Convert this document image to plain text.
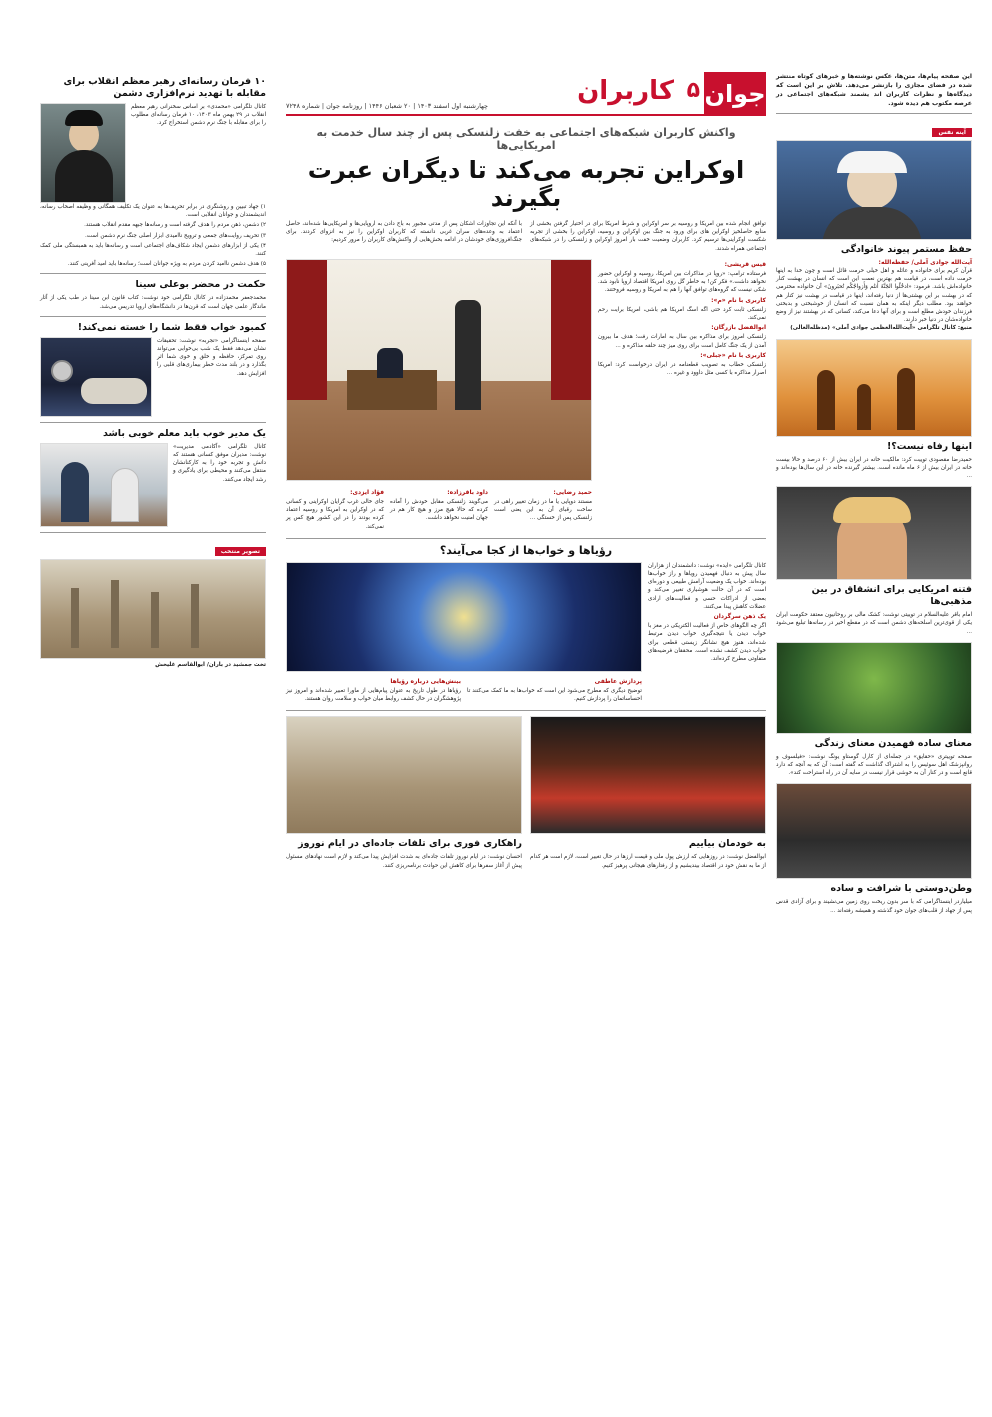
جوان
۵
کاربران
چهارشنبه اول اسفند ۱۴۰۳ | ۲۰ شعبان ۱۴۴۶ | روزنامه جوان | شماره ۷۲۴۸
واکنش کاربران شبکه‌های اجتماعی به خفت زلنسکی پس از چند سال خدمت به امریکایی‌ها
اوکراین تجربه می‌کند تا دیگران عبرت بگیرند

توافق انجام شده بین امریکا و روسیه بر سر اوکراین و شرط امریکا برای در اختیار گرفتن بخشی از منابع حاصلخیز اوکراین های برای ورود به جنگ بین اوکراین و روسیه، اوکراین را بخشی از تجربه شکست اوکراینی‌ها ترسیم کرد. کاربران وضعیت خفت بار امروز اوکراین و زلنسکی را در شبکه‌های اجتماعی همراه شدند.

با آنکه این تجاوزات اشکان پس از مدتی مجبور به باج دادن به اروپایی‌ها و امریکایی‌ها شده‌اند، حاصل اعتماد به وعده‌های سران غربی دانسته که کاربران اوکراین را نیز به انزوای کردند. برای جنگ‌افروزی‌های خودشان در ادامه بخش‌هایی از واکنش‌های کاربران را مرور کردیم:

قیس قریشی:

فرستاده ترامپ: «روپا در مذاکرات بین امریکا، روسیه و اوکراین حضور نخواهد داشت.» فکر کن! به خاطر گل روی امریکا اقتصاد اروپا نابود شد. شکی نیست که گروه‌های توافق آنها را هم به امریکا و روسیه فروختند.

کاربری با نام «م»:

زلنسکی ثابت کرد حتی اگه اسگ امریکا هم باشی، امریکا برایت رحم نمی‌کند.

ابوالفضل بازرگان:

زلنسکی امروز برای مذاکره بین سال به امارات رفت؛ هدف ما بیرون آمدن از یک جنگ کامل است برای روی میز چند حلقه مذاکره و ...

کاربری با نام «جبلی»:

زلنسکی خطاب به تصویب قطعنامه در ایران درخواست کرد: امریکا اصرار مذاکره با کسی مثل داوود و غیره ...

حمید رضایی:

مستند دوپایی یا ما در زمان تغییر راهی در ساخت رقبای آن به این یعنی است زلنسکی پس از خستگی ...

داود باقرزاده:

می‌گویند زلنسکی مقابل خودش را آماده کرده که حالا هیچ مرز و هیچ کار هم در جهان امنیت نخواهد داشت.

فؤاد ایزدی:

جای خالی غرب گرایان اوکراینی و کسانی که در اوکراین به امریکا و روسیه اعتماد کرده بودند را در این کشور هیچ کس پر نمی‌کند.

رؤیاها و خواب‌ها از کجا می‌آیند؟

کانال تلگرامی «ایده» نوشت: دانشمندان از هزاران سال پیش به دنبال فهمیدن رویاها و راز خواب‌ها بوده‌اند. خواب یک وضعیت آرامش طبیعی و دوره‌ای است که در آن حالت هوشیاری تغییر می‌کند و بعضی از ادراکات حسی و فعالیت‌های ارادی عضلات کاهش پیدا می‌کنند.

یک ذهن سرگردان

اگر چه الگوهای خاص از فعالیت الکتریکی در مغز با خواب دیدن یا نتیجه‌گیری خواب دیدن مرتبط شده‌اند، هنوز هیچ نشانگر زیستی قطعی برای خواب دیدن کشف نشده است. محققان فرضیه‌های متفاوتی مطرح کرده‌اند.

پردازش عاطفی

توضیح دیگری که مطرح می‌شود این است که خواب‌ها به ما کمک می‌کنند تا احساساتمان را پردازش کنیم.

بینش‌هایی درباره رؤیاها

رؤیاها در طول تاریخ به عنوان پیام‌هایی از ماورا تعبیر شده‌اند و امروز نیز پژوهشگران در حال کشف روابط میان خواب و سلامت روان هستند.

به خودمان بیاییم

ابوالفضل نوشت: در روز‌هایی که ارزش پول ملی و قیمت ارزها در حال تغییر است، لازم است هر کدام از ما به نقش خود در اقتصاد بیندیشیم و از رفتارهای هیجانی پرهیز کنیم.

راهکاری فوری برای تلفات جاده‌ای در ایام نوروز

احسان نوشت: در ایام نوروز تلفات جاده‌ای به شدت افزایش پیدا می‌کند و لازم است نهادهای مسئول پیش از آغاز سفرها برای کاهش این حوادث برنامه‌ریزی کنند.

این صفحه پیام‌ها، متن‌ها، عکس‌ نوشته‌ها و خبرهای کوتاه منتشر شده در فضای مجازی را بازنشر می‌دهد. تلاش بر این است که دیدگاه‌ها و نظرات کاربران اند یشمند شبکه‌های اجتماعی در عرصه مکتوب هم دیده شود.

آینه نفس
حفظ مستمر پیوند خانوادگی
آیت‌الله جوادی آملی/ حفظه‌الله:

قرآن کریم برای خانواده و عائله و اهل خیلی حرمت قائل است و چون خدا به اینها حرمت داده است، در قیامت هم بهترین نعمت این است که انسان در بهشت کنار خانواده‌اش باشد. فرمود: «ادخُلُوا الجَنَّةَ أَنتُم وَأَزواجُكُم تُحبَرونَ» آن خانواده محترمی که در بهشت بر این بهشتی‌ها از دنیا رفته‌اند، اینها در قیامت در بهشت نیز کنار هم خواهند بود. مطلب دیگر اینکه به همان نسبت که انسان از خوشبختی و بدبختی فرزندان خودش مطلع است و برای آنها دعا می‌کند، کسانی که در بهشتند نیز از وضع خانواده‌شان در دنیا خبر دارند.

منبع: کانال تلگرامی «آیت‌الله‌العظمی جوادی آملی» (مدظله‌العالی)

اینها رفاه نیست؟!

حمیدرضا مقصودی توییت کرد: مالکیت خانه در ایران بیش از ۶۰ درصد و حالا بیست خانه در ایران بیش از ۶ ماه مانده است. بیشتر گیرنده خانه در این سال‌ها بوده‌اند و ...

فتنه امریکایی برای انشقاق در بین مذهبی‌ها

امام باقر علیه‌السلام در توییتی نوشت: کشک مالی بر روحانیون معتقد حکومت ایران یکی از قوی‌ترین اسلحه‌های دشمن است که در مقطع اخیر در رسانه‌ها تبلیغ می‌شود ...

معنای ساده فهمیدن معنای زندگی

صفحه توییتری «حقایق» در جمله‌ای از کارل گوستاو یونگ نوشت: «فیلسوف و روانپزشک اهل سوئیس را به اشتراک گذاشت که گفته است: آن که به آنچه که دارد قانع است و در کنار آن به خوشی قرار نیست در سایه آن در راه استراحت کند».

وطن‌دوستی با شرافت و ساده

میلیاردر اینستاگرامی که با سر بدون ریخت روی زمین می‌نشیند و برای آزادی قدس پس از جهاد از قلب‌های جوان خود گذشته و همیشه رفته‌اند ...

۱۰ فرمان رسانه‌ای رهبر معظم انقلاب برای مقابله با تهدید نرم‌افزاری دشمن

کانال تلگرامی «محمدی» بر اساس سخنرانی رهبر معظم انقلاب در ۲۹ بهمن ماه ۱۴۰۳، ۱۰ فرمان رسانه‌ای مطلوب را برای مقابله با جنگ نرم دشمن استخراج کرد.

۱) جهاد تبیین و روشنگری در برابر تحریف‌ها به عنوان یک تکلیف همگانی و وظیفه اصحاب رسانه، اندیشمندان و جوانان انقلابی است.

۲) دشمن، ذهن مردم را هدف گرفته است و رسانه‌ها جبهه مقدم انقلاب هستند.

۳) تحریف روایت‌های جمعی و ترویج ناامیدی ابزار اصلی جنگ نرم دشمن است.

۴) یکی از ابزارهای دشمن ایجاد شکاف‌های اجتماعی است و رسانه‌ها باید به همبستگی ملی کمک کنند.

۵) هدف دشمن ناامید کردن مردم به ویژه جوانان است؛ رسانه‌ها باید امید آفرینی کنند.

حکمت در محضر بوعلی سینا

محمدجعفر محمدزاده در کانال تلگرامی خود نوشت: کتاب قانون ابن سینا در طب یکی از آثار ماندگار علمی جهان است که قرن‌ها در دانشگاه‌های اروپا تدریس می‌شد.

کمبود خواب فقط شما را خسته نمی‌کند!

صفحه اینستاگرامی «تجربه» نوشت: تحقیقات نشان می‌دهد فقط یک شب بی‌خوابی می‌تواند روی تمرکز، حافظه و خلق و خوی شما اثر بگذارد و در بلند مدت خطر بیماری‌های قلبی را افزایش دهد.

یک مدیر خوب باید معلم خوبی باشد

کانال تلگرامی «آکادمی مدیریت» نوشت: مدیران موفق کسانی هستند که دانش و تجربه خود را به کارکنانشان منتقل می‌کنند و محیطی برای یادگیری و رشد ایجاد می‌کنند.

تصویر منتخب

تخت جمشید در باران/ ابوالقاسم غلیخش
